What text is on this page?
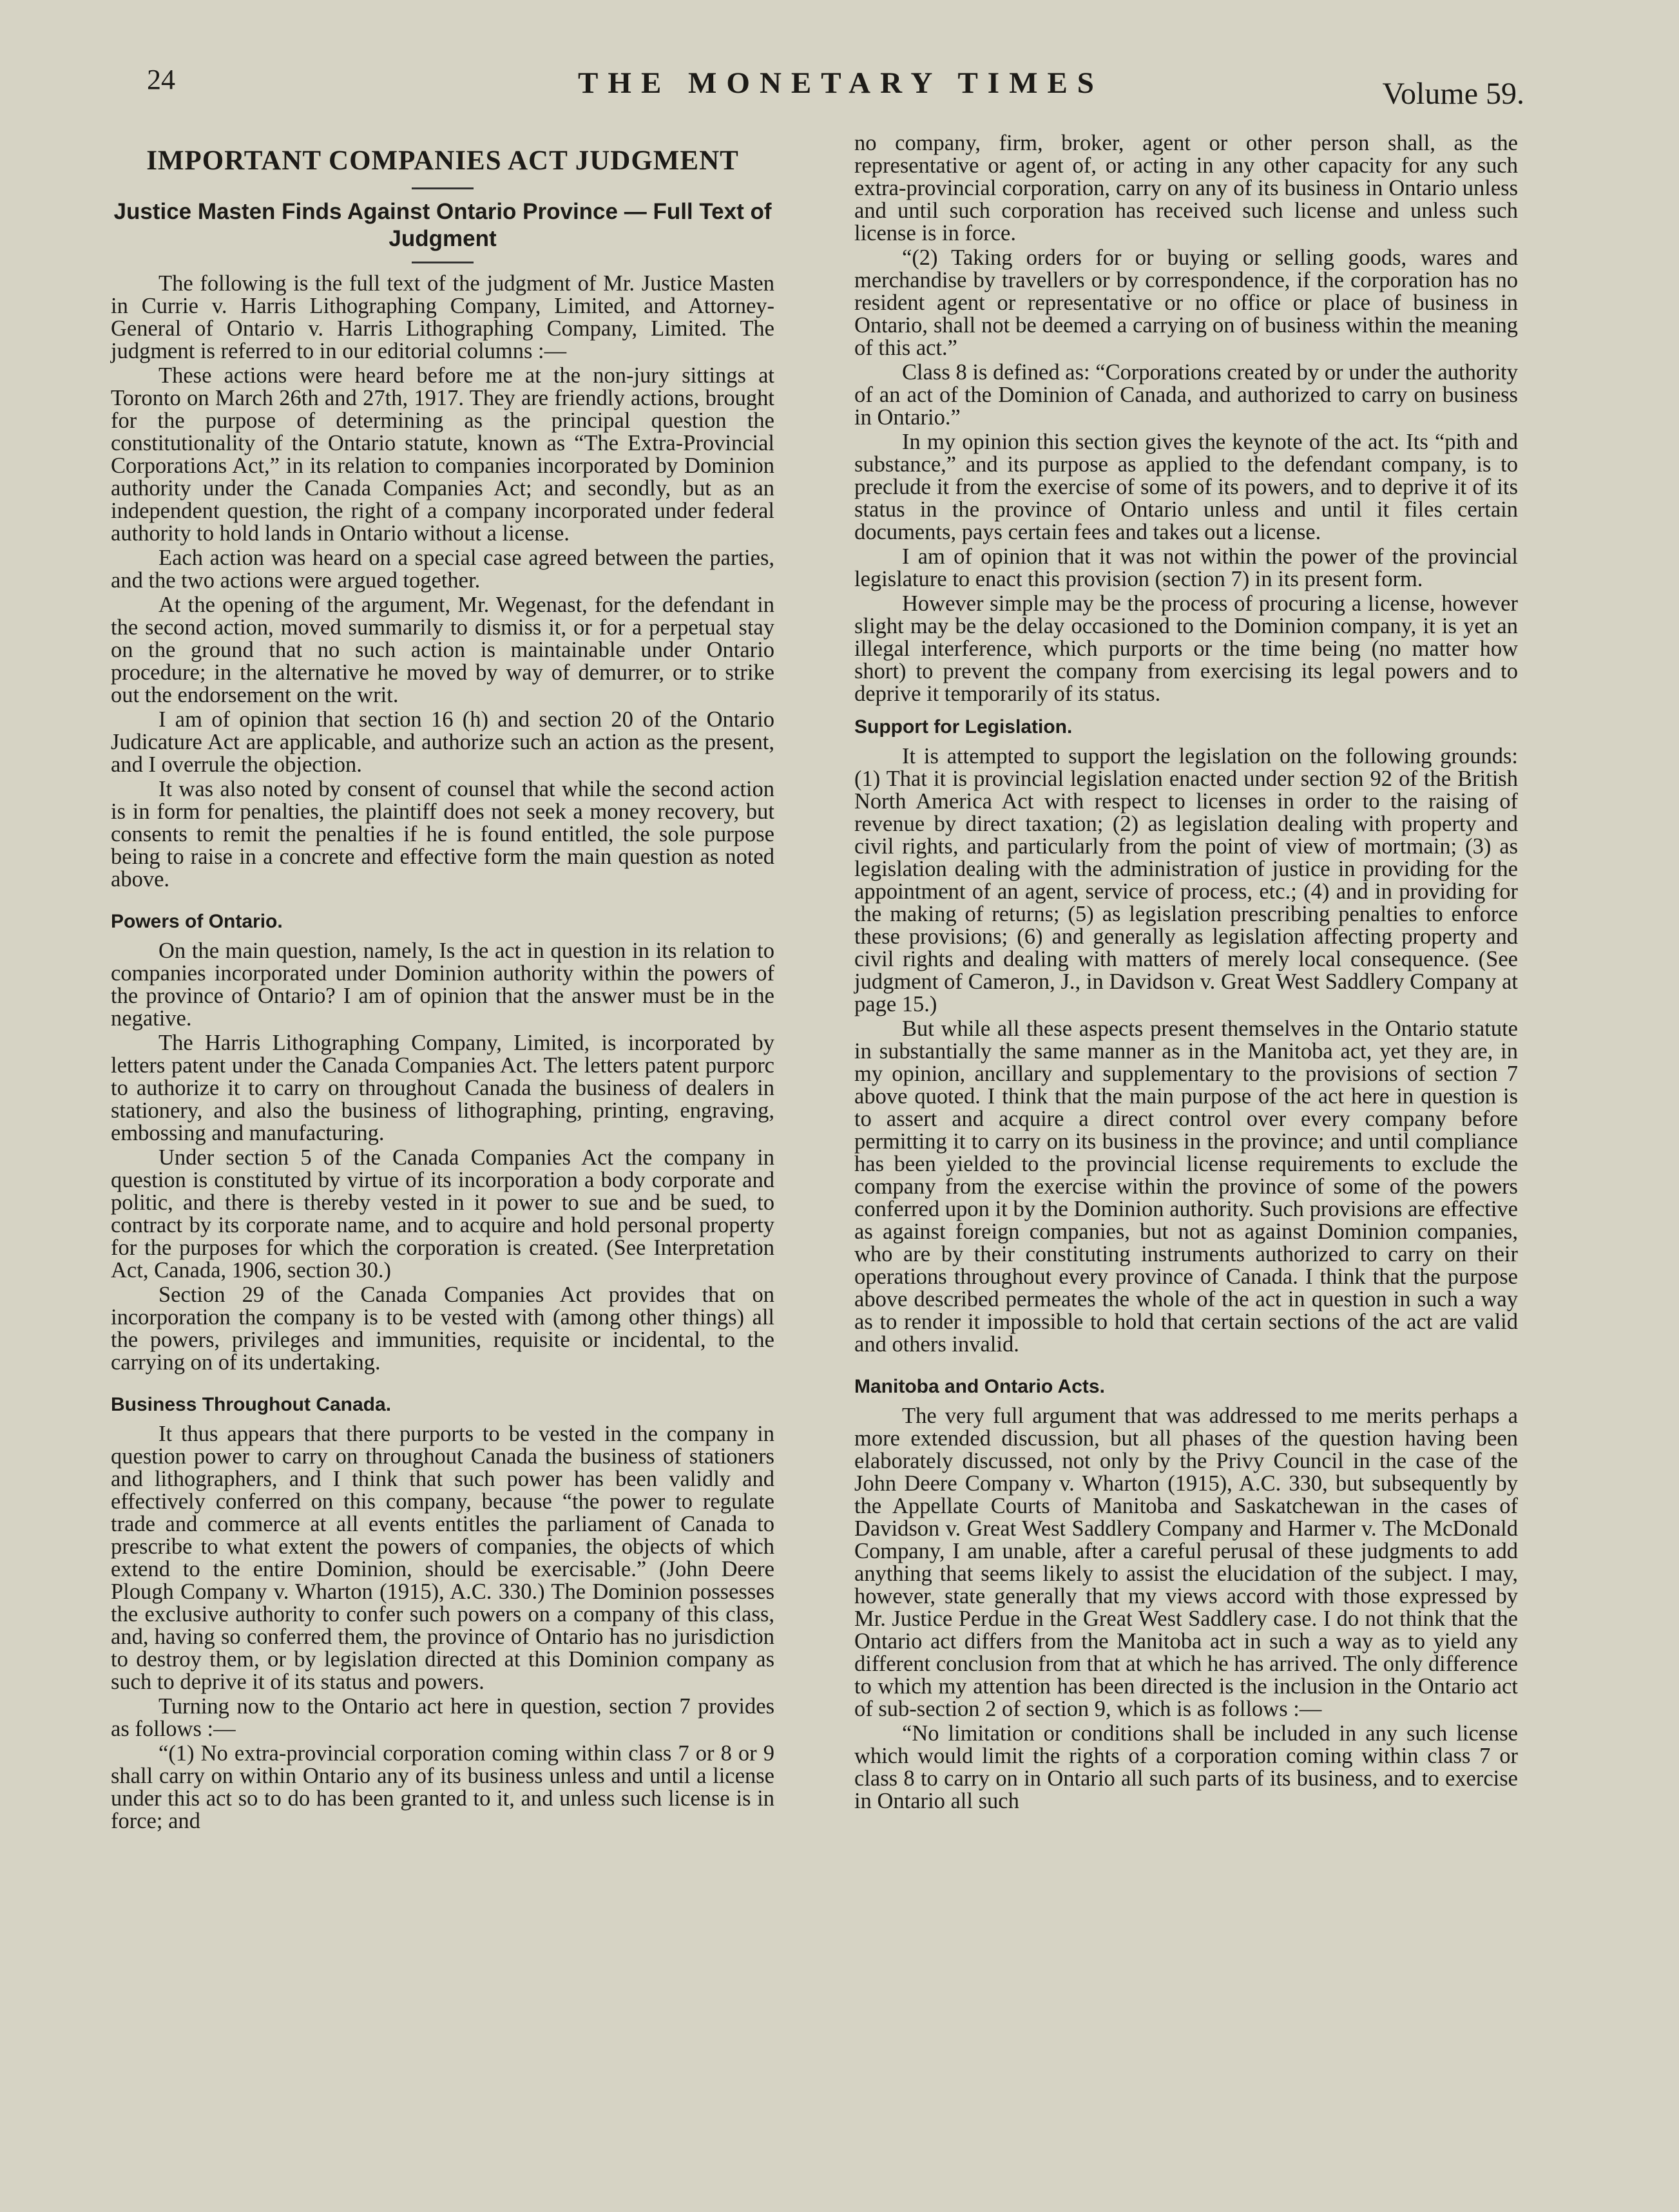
24	THE MONETARY TIMES	Volume 59.
IMPORTANT COMPANIES ACT JUDGMENT
Justice Masten Finds Against Ontario Province — Full Text of Judgment

The following is the full text of the judgment of Mr. Justice Masten in Currie v. Harris Lithographing Company, Limited, and Attorney-General of Ontario v. Harris Lithographing Company, Limited. The judgment is referred to in our editorial columns :—

These actions were heard before me at the non-jury sittings at Toronto on March 26th and 27th, 1917. They are friendly actions, brought for the purpose of determining as the principal question the constitutionality of the Ontario statute, known as “The Extra-Provincial Corporations Act,” in its relation to companies incorporated by Dominion authority under the Canada Companies Act; and secondly, but as an independent question, the right of a company incorporated under federal authority to hold lands in Ontario without a license.

Each action was heard on a special case agreed between the parties, and the two actions were argued together.

At the opening of the argument, Mr. Wegenast, for the defendant in the second action, moved summarily to dismiss it, or for a perpetual stay on the ground that no such action is maintainable under Ontario procedure; in the alternative he moved by way of demurrer, or to strike out the endorsement on the writ.

I am of opinion that section 16 (h) and section 20 of the Ontario Judicature Act are applicable, and authorize such an action as the present, and I overrule the objection.

It was also noted by consent of counsel that while the second action is in form for penalties, the plaintiff does not seek a money recovery, but consents to remit the penalties if he is found entitled, the sole purpose being to raise in a concrete and effective form the main question as noted above.

Powers of Ontario.

On the main question, namely, Is the act in question in its relation to companies incorporated under Dominion authority within the powers of the province of Ontario? I am of opinion that the answer must be in the negative.

The Harris Lithographing Company, Limited, is incorporated by letters patent under the Canada Companies Act. The letters patent purporc to authorize it to carry on throughout Canada the business of dealers in stationery, and also the business of lithographing, printing, engraving, embossing and manufacturing.

Under section 5 of the Canada Companies Act the company in question is constituted by virtue of its incorporation a body corporate and politic, and there is thereby vested in it power to sue and be sued, to contract by its corporate name, and to acquire and hold personal property for the purposes for which the corporation is created. (See Interpretation Act, Canada, 1906, section 30.)

Section 29 of the Canada Companies Act provides that on incorporation the company is to be vested with (among other things) all the powers, privileges and immunities, requisite or incidental, to the carrying on of its undertaking.

Business Throughout Canada.

It thus appears that there purports to be vested in the company in question power to carry on throughout Canada the business of stationers and lithographers, and I think that such power has been validly and effectively conferred on this company, because “the power to regulate trade and commerce at all events entitles the parliament of Canada to prescribe to what extent the powers of companies, the objects of which extend to the entire Dominion, should be exercisable.” (John Deere Plough Company v. Wharton (1915), A.C. 330.) The Dominion possesses the exclusive authority to confer such powers on a company of this class, and, having so conferred them, the province of Ontario has no jurisdiction to destroy them, or by legislation directed at this Dominion company as such to deprive it of its status and powers.

Turning now to the Ontario act here in question, section 7 provides as follows :—

“(1) No extra-provincial corporation coming within class 7 or 8 or 9 shall carry on within Ontario any of its business unless and until a license under this act so to do has been granted to it, and unless such license is in force; and

no company, firm, broker, agent or other person shall, as the representative or agent of, or acting in any other capacity for any such extra-provincial corporation, carry on any of its business in Ontario unless and until such corporation has received such license and unless such license is in force.

“(2) Taking orders for or buying or selling goods, wares and merchandise by travellers or by correspondence, if the corporation has no resident agent or representative or no office or place of business in Ontario, shall not be deemed a carrying on of business within the meaning of this act.”

Class 8 is defined as: “Corporations created by or under the authority of an act of the Dominion of Canada, and authorized to carry on business in Ontario.”

In my opinion this section gives the keynote of the act. Its “pith and substance,” and its purpose as applied to the defendant company, is to preclude it from the exercise of some of its powers, and to deprive it of its status in the province of Ontario unless and until it files certain documents, pays certain fees and takes out a license.

I am of opinion that it was not within the power of the provincial legislature to enact this provision (section 7) in its present form.

However simple may be the process of procuring a license, however slight may be the delay occasioned to the Dominion company, it is yet an illegal interference, which purports or the time being (no matter how short) to prevent the company from exercising its legal powers and to deprive it temporarily of its status.

Support for Legislation.

It is attempted to support the legislation on the following grounds: (1) That it is provincial legislation enacted under section 92 of the British North America Act with respect to licenses in order to the raising of revenue by direct taxation; (2) as legislation dealing with property and civil rights, and particularly from the point of view of mortmain; (3) as legislation dealing with the administration of justice in providing for the appointment of an agent, service of process, etc.; (4) and in providing for the making of returns; (5) as legislation prescribing penalties to enforce these provisions; (6) and generally as legislation affecting property and civil rights and dealing with matters of merely local consequence. (See judgment of Cameron, J., in Davidson v. Great West Saddlery Company at page 15.)

But while all these aspects present themselves in the Ontario statute in substantially the same manner as in the Manitoba act, yet they are, in my opinion, ancillary and supplementary to the provisions of section 7 above quoted. I think that the main purpose of the act here in question is to assert and acquire a direct control over every company before permitting it to carry on its business in the province; and until compliance has been yielded to the provincial license requirements to exclude the company from the exercise within the province of some of the powers conferred upon it by the Dominion authority. Such provisions are effective as against foreign companies, but not as against Dominion companies, who are by their constituting instruments authorized to carry on their operations throughout every province of Canada. I think that the purpose above described permeates the whole of the act in question in such a way as to render it impossible to hold that certain sections of the act are valid and others invalid.

Manitoba and Ontario Acts.

The very full argument that was addressed to me merits perhaps a more extended discussion, but all phases of the question having been elaborately discussed, not only by the Privy Council in the case of the John Deere Company v. Wharton (1915), A.C. 330, but subsequently by the Appellate Courts of Manitoba and Saskatchewan in the cases of Davidson v. Great West Saddlery Company and Harmer v. The McDonald Company, I am unable, after a careful perusal of these judgments to add anything that seems likely to assist the elucidation of the subject. I may, however, state generally that my views accord with those expressed by Mr. Justice Perdue in the Great West Saddlery case. I do not think that the Ontario act differs from the Manitoba act in such a way as to yield any different conclusion from that at which he has arrived. The only difference to which my attention has been directed is the inclusion in the Ontario act of sub-section 2 of section 9, which is as follows :—

“No limitation or conditions shall be included in any such license which would limit the rights of a corporation coming within class 7 or class 8 to carry on in Ontario all such parts of its business, and to exercise in Ontario all such
